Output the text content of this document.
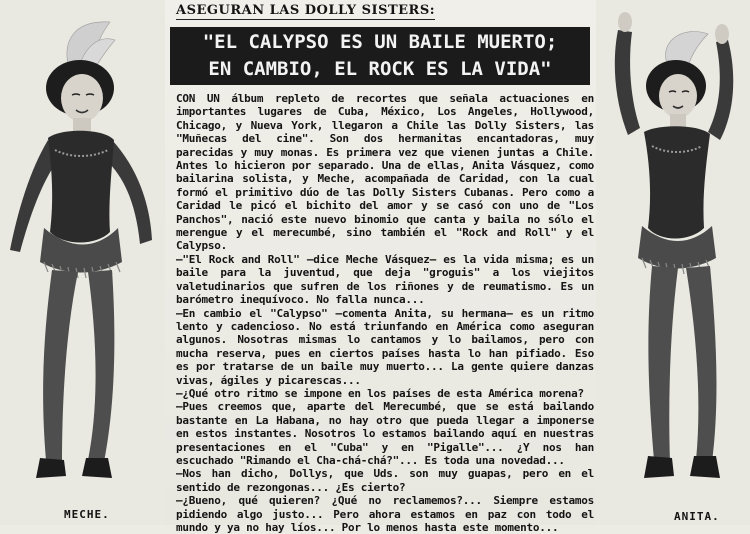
MECHE.	ANITA.
ASEGURAN LAS DOLLY SISTERS:
"EL CALYPSO ES UN BAILE MUERTO;
EN CAMBIO, EL ROCK ES LA VIDA"

CON UN álbum repleto de recortes que señala actuaciones en importantes lugares de Cuba, México, Los Angeles, Hollywood, Chicago, y Nueva York, llegaron a Chile las Dolly Sisters, las "Muñecas del cine". Son dos hermanitas encantadoras, muy parecidas y muy monas. Es primera vez que vienen juntas a Chile. Antes lo hicieron por separado. Una de ellas, Anita Vásquez, como bailarina solista, y Meche, acompañada de Caridad, con la cual formó el primitivo dúo de las Dolly Sisters Cubanas. Pero como a Caridad le picó el bichito del amor y se casó con uno de "Los Panchos", nació este nuevo binomio que canta y baila no sólo el merengue y el merecumbé, sino también el "Rock and Roll" y el Calypso.

—"El Rock and Roll" —dice Meche Vásquez— es la vida misma; es un baile para la juventud, que deja "groguis" a los viejitos valetudinarios que sufren de los riñones y de reumatismo. Es un barómetro inequívoco. No falla nunca...

—En cambio el "Calypso" —comenta Anita, su hermana— es un ritmo lento y cadencioso. No está triunfando en América como aseguran algunos. Nosotras mismas lo cantamos y lo bailamos, pero con mucha reserva, pues en ciertos países hasta lo han pifiado. Eso es por tratarse de un baile muy muerto... La gente quiere danzas vivas, ágiles y picarescas...

—¿Qué otro ritmo se impone en los países de esta América morena?

—Pues creemos que, aparte del Merecumbé, que se está bailando bastante en La Habana, no hay otro que pueda llegar a imponerse en estos instantes. Nosotros lo estamos bailando aquí en nuestras presentaciones en el "Cuba" y en "Pigalle"... ¿Y nos han escuchado "Rimando el Cha-chá-chá?"... Es toda una novedad...

—Nos han dicho, Dollys, que Uds. son muy guapas, pero en el sentido de rezongonas... ¿Es cierto?

—¿Bueno, qué quieren? ¿Qué no reclamemos?... Siempre estamos pidiendo algo justo... Pero ahora estamos en paz con todo el mundo y ya no hay líos... Por lo menos hasta este momento...
